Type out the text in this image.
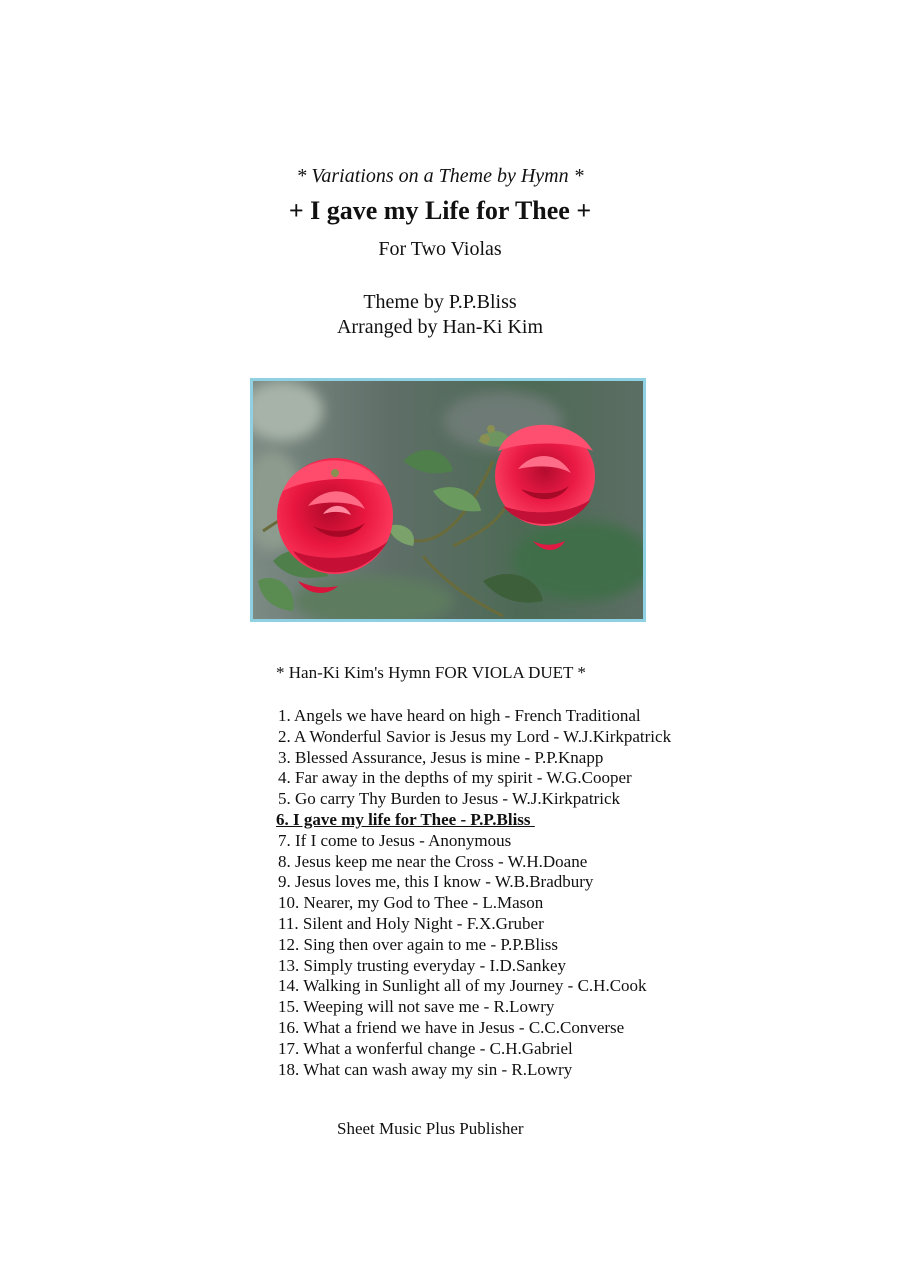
* Variations on a Theme by Hymn *
+ I gave my Life for Thee +
For Two Violas
Theme by P.P.Bliss
Arranged by Han-Ki Kim
* Han-Ki Kim's Hymn FOR VIOLA DUET *
1. Angels we have heard on high - French Traditional
2. A Wonderful Savior is Jesus my Lord - W.J.Kirkpatrick
3. Blessed Assurance, Jesus is mine - P.P.Knapp
4. Far away in the depths of my spirit - W.G.Cooper
5. Go carry Thy Burden to Jesus - W.J.Kirkpatrick
6. I gave my life for Thee - P.P.Bliss
7. If I come to Jesus - Anonymous
8. Jesus keep me near the Cross - W.H.Doane
9. Jesus loves me, this I know - W.B.Bradbury
10. Nearer, my God to Thee - L.Mason
11. Silent and Holy Night - F.X.Gruber
12. Sing then over again to me - P.P.Bliss
13. Simply trusting everyday - I.D.Sankey
14. Walking in Sunlight all of my Journey - C.H.Cook
15. Weeping will not save me - R.Lowry
16. What a friend we have in Jesus - C.C.Converse
17. What a wonferful change - C.H.Gabriel
18. What can wash away my sin - R.Lowry
Sheet Music Plus Publisher
